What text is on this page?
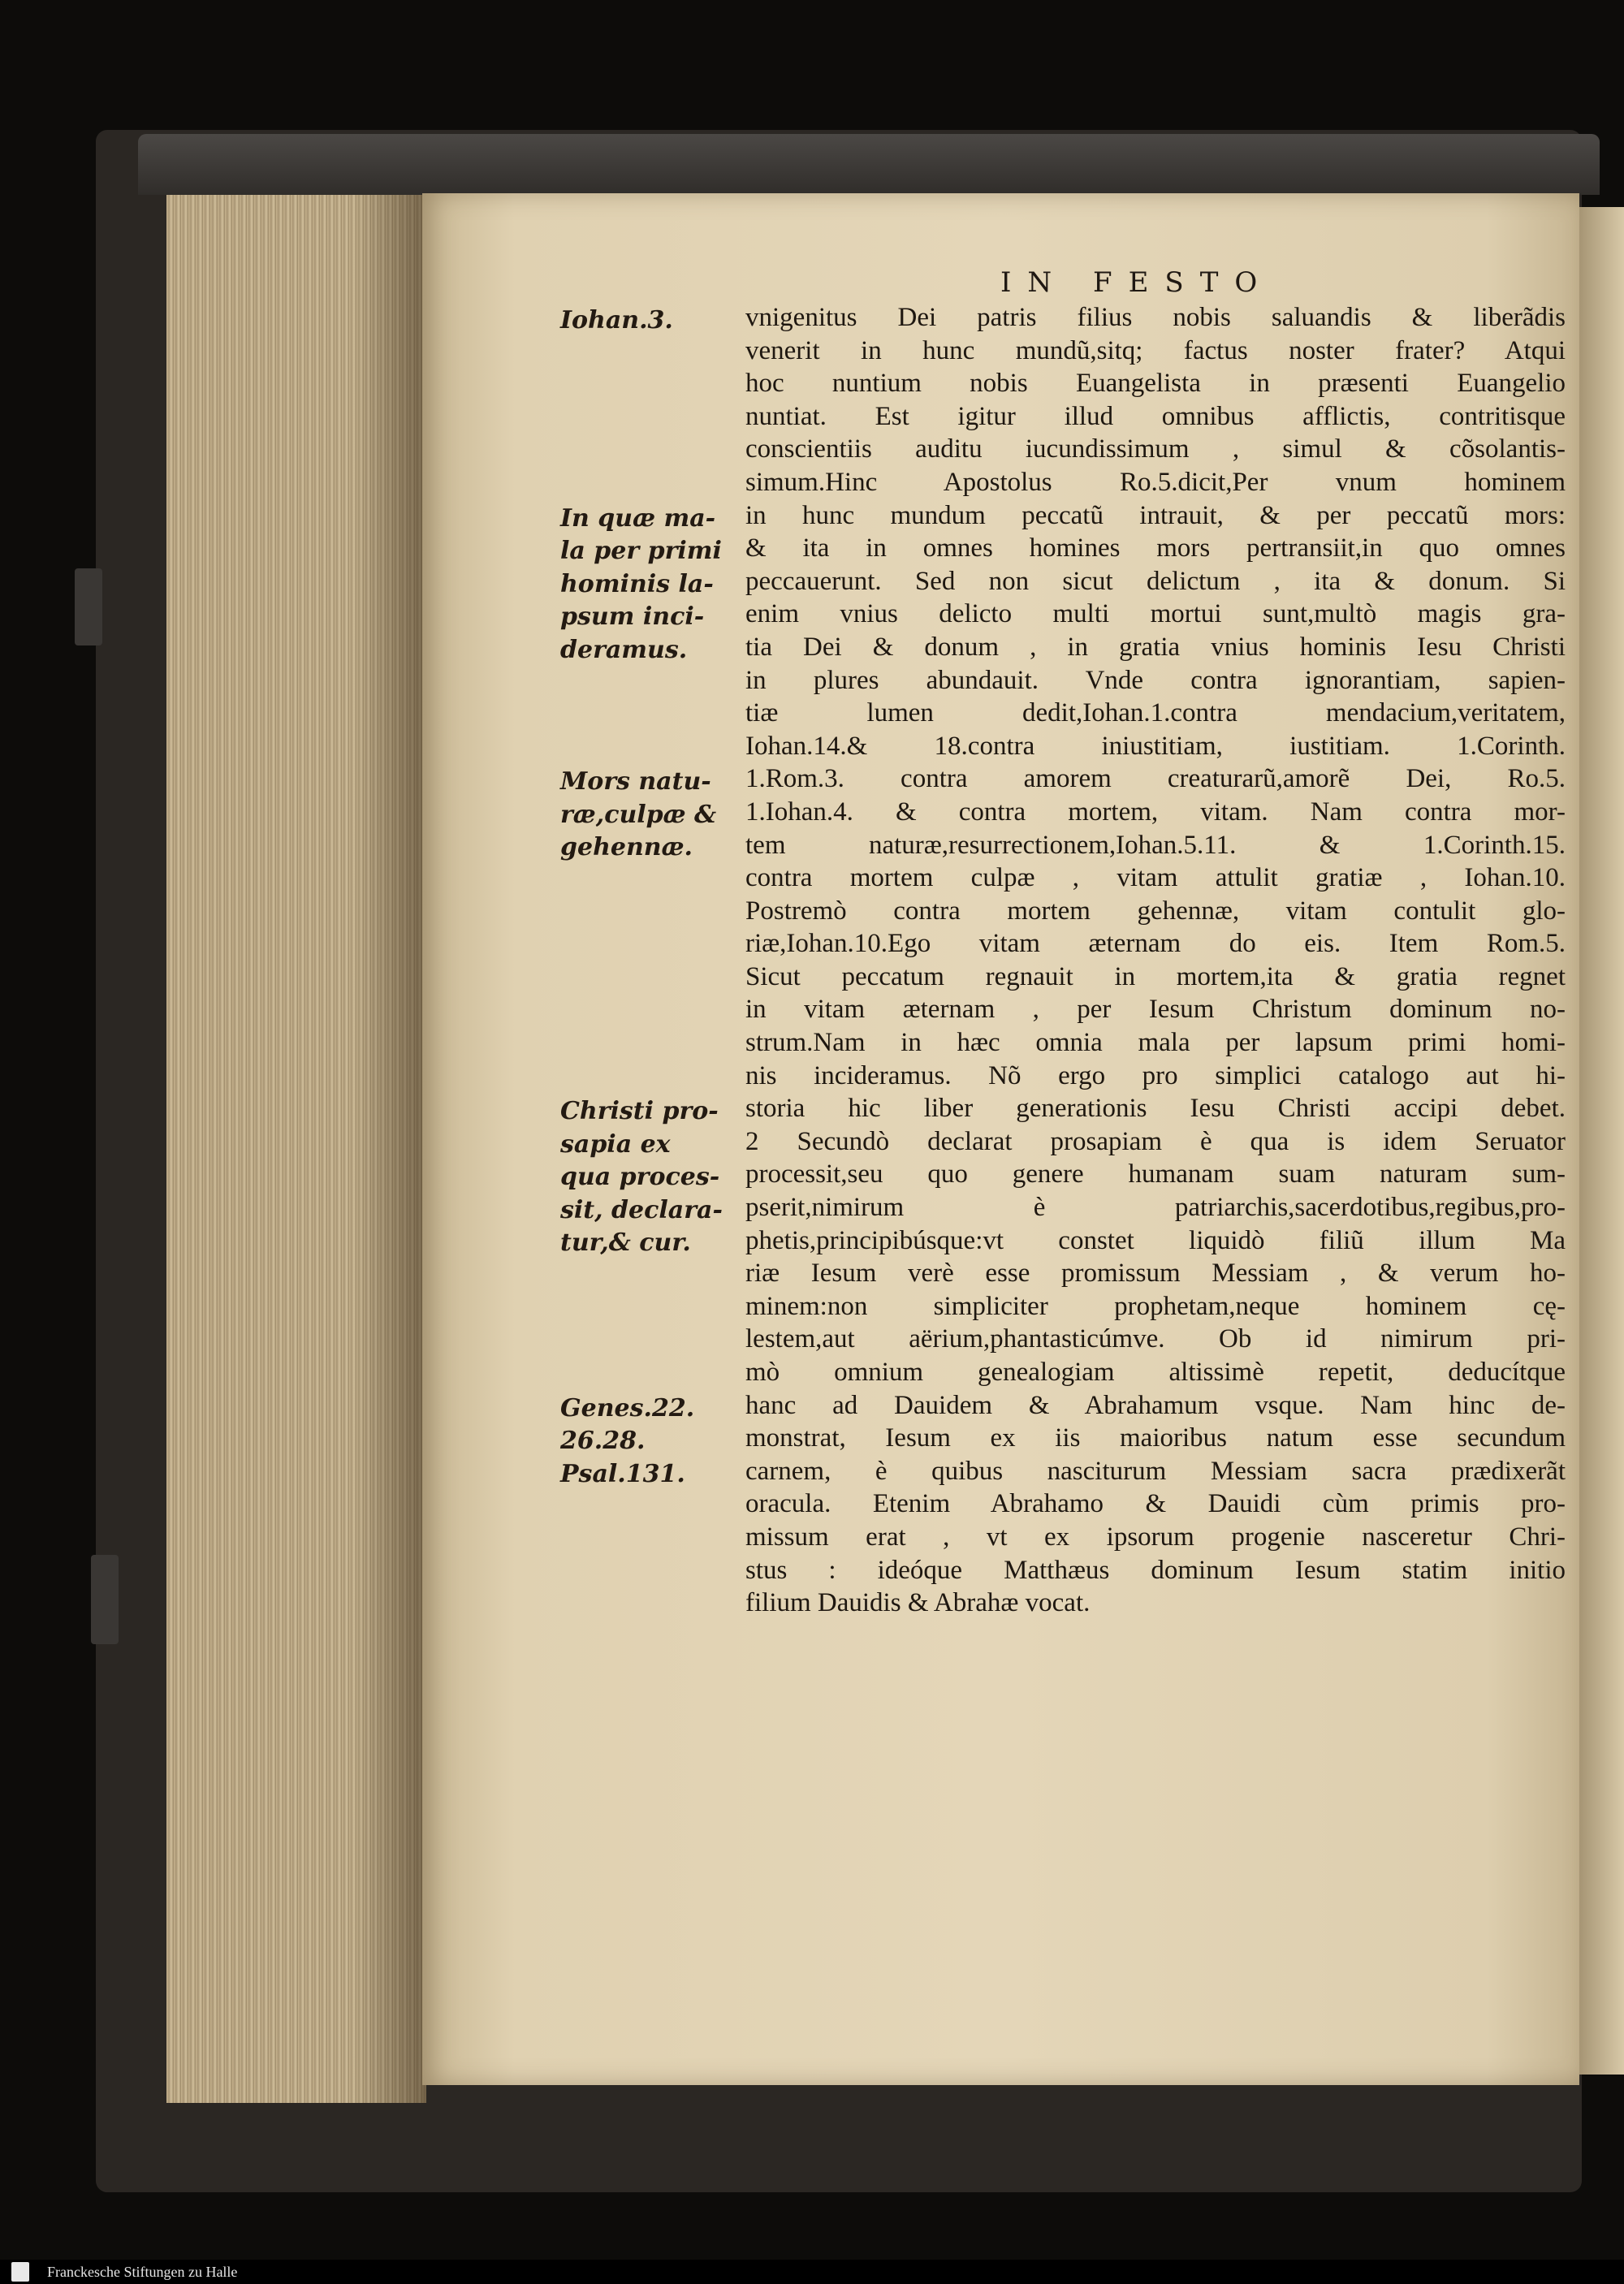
IN FESTO
Iohan.3.
In quæ ma-
la per primi
hominis la-
psum inci-
deramus.
Mors natu-
ræ,culpæ &
gehennæ.
Christi pro-
sapia ex
qua proces-
sit, declara-
tur,& cur.
Genes.22.
26.28.
Psal.131.
vnigenitus Dei patris filius nobis saluandis & liberãdis
venerit in hunc mundũ,sitq; factus noster frater? Atqui
hoc nuntium nobis Euangelista in præsenti Euangelio
nuntiat. Est igitur illud omnibus afflictis, contritisque
conscientiis auditu iucundissimum , simul & cõsolantis-
simum.Hinc Apostolus Ro.5.dicit,Per vnum hominem
in hunc mundum peccatũ intrauit, & per peccatũ mors:
& ita in omnes homines mors pertransiit,in quo omnes
peccauerunt. Sed non sicut delictum , ita & donum. Si
enim vnius delicto multi mortui sunt,multò magis gra-
tia Dei & donum , in gratia vnius hominis Iesu Christi
in plures abundauit. Vnde contra ignorantiam, sapien-
tiæ lumen dedit,Iohan.1.contra mendacium,veritatem,
Iohan.14.& 18.contra iniustitiam, iustitiam. 1.Corinth.
1.Rom.3. contra amorem creaturarũ,amorẽ Dei, Ro.5.
1.Iohan.4. & contra mortem, vitam. Nam contra mor-
tem naturæ,resurrectionem,Iohan.5.11. & 1.Corinth.15.
contra mortem culpæ , vitam attulit gratiæ , Iohan.10.
Postremò contra mortem gehennæ, vitam contulit glo-
riæ,Iohan.10.Ego vitam æternam do eis. Item Rom.5.
Sicut peccatum regnauit in mortem,ita & gratia regnet
in vitam æternam , per Iesum Christum dominum no-
strum.Nam in hæc omnia mala per lapsum primi homi-
nis incideramus. Nõ ergo pro simplici catalogo aut hi-
storia hic liber generationis Iesu Christi accipi debet.
2 Secundò declarat prosapiam è qua is idem Seruator
processit,seu quo genere humanam suam naturam sum-
pserit,nimirum è patriarchis,sacerdotibus,regibus,pro-
phetis,principibúsque:vt constet liquidò filiũ illum Ma
riæ Iesum verè esse promissum Messiam , & verum ho-
minem:non simpliciter prophetam,neque hominem cę-
lestem,aut aërium,phantasticúmve. Ob id nimirum pri-
mò omnium genealogiam altissimè repetit, deducítque
hanc ad Dauidem & Abrahamum vsque. Nam hinc de-
monstrat, Iesum ex iis maioribus natum esse secundum
carnem, è quibus nasciturum Messiam sacra prædixerãt
oracula. Etenim Abrahamo & Dauidi cùm primis pro-
missum erat , vt ex ipsorum progenie nasceretur Chri-
stus : ideóque Matthæus dominum Iesum statim initio
filium Dauidis & Abrahæ vocat.
Franckesche Stiftungen zu Halle
